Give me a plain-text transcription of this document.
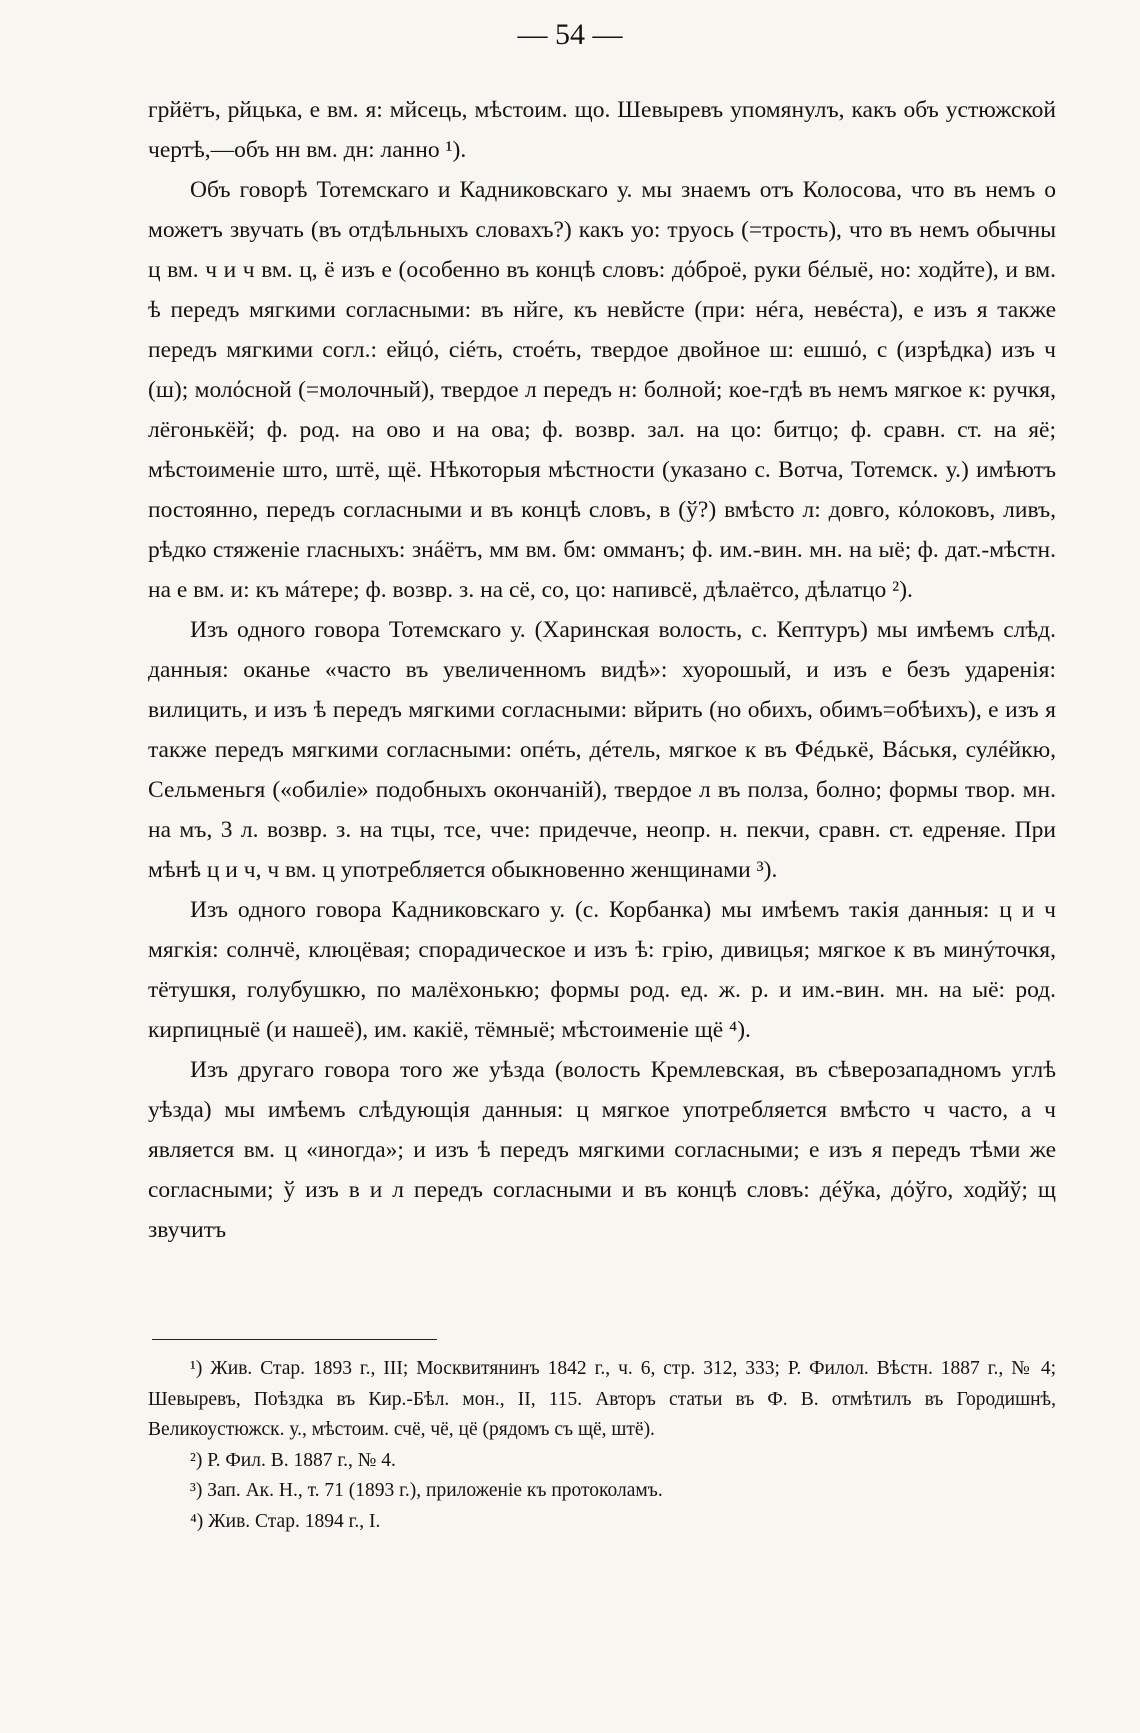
— 54 —

грйётъ, рйцька, е вм. я: мйсець, мѣстоим. що. Шевыревъ упомянулъ, какъ объ устюжской чертѣ,—объ нн вм. дн: ланно ¹).

Объ говорѣ Тотемскаго и Кадниковскаго у. мы знаемъ отъ Колосова, что въ немъ о можетъ звучать (въ отдѣльныхъ словахъ?) какъ уо: труось (=трость), что въ немъ обычны ц вм. ч и ч вм. ц, ё изъ е (особенно въ концѣ словъ: дόброё, руки бéлыё, но: ходйте), и вм. ѣ передъ мягкими согласными: въ нйге, къ невйсте (при: нéга, невéста), е изъ я также передъ мягкими согл.: ейцό, сіéть, стоéть, твердое двойное ш: ешшό, с (изрѣдка) изъ ч (ш); молόсной (=молочный), твердое л передъ н: болной; кое-гдѣ въ немъ мягкое к: ручкя, лёгонькёй; ф. род. на ово и на ова; ф. возвр. зал. на цо: битцо; ф. сравн. ст. на яё; мѣстоименіе што, штё, щё. Нѣкоторыя мѣстности (указано с. Вотча, Тотемск. у.) имѣютъ постоянно, передъ согласными и въ концѣ словъ, в (ў?) вмѣсто л: довго, кόлоковъ, ливъ, рѣдко стяженіе гласныхъ: знáётъ, мм вм. бм: омманъ; ф. им.-вин. мн. на ыё; ф. дат.-мѣстн. на е вм. и: къ мáтере; ф. возвр. з. на сё, со, цо: напивсё, дѣлаётсо, дѣлатцо ²).

Изъ одного говора Тотемскаго у. (Харинская волость, с. Кептуръ) мы имѣемъ слѣд. данныя: оканье «часто въ увеличенномъ видѣ»: хуорошый, и изъ е безъ ударенія: вилицить, и изъ ѣ передъ мягкими согласными: вйрить (но обихъ, обимъ=обѣихъ), е изъ я также передъ мягкими согласными: опéть, дéтель, мягкое к въ Фéдькё, Вáськя, сулéйкю, Сельменьгя («обиліе» подобныхъ окончаній), твердое л въ полза, болно; формы твор. мн. на мъ, 3 л. возвр. з. на тцы, тсе, чче: придечче, неопр. н. пекчи, сравн. ст. едреняе. При мѣнѣ ц и ч, ч вм. ц употребляется обыкновенно женщинами ³).

Изъ одного говора Кадниковскаго у. (с. Корбанка) мы имѣемъ такія данныя: ц и ч мягкія: солнчё, клюцёвая; спорадическое и изъ ѣ: грію, дивицья; мягкое к въ минýточкя, тётушкя, голубушкю, по малёхонькю; формы род. ед. ж. р. и им.-вин. мн. на ыё: род. кирпицныё (и нашеё), им. какіё, тёмныё; мѣстоименіе щё ⁴).

Изъ другаго говора того же уѣзда (волость Кремлевская, въ сѣверозападномъ углѣ уѣзда) мы имѣемъ слѣдующія данныя: ц мягкое употребляется вмѣсто ч часто, а ч является вм. ц «иногда»; и изъ ѣ передъ мягкими согласными; е изъ я передъ тѣми же согласными; ў изъ в и л передъ согласными и въ концѣ словъ: дéўка, дόўго, ходйў; щ звучитъ

¹) Жив. Стар. 1893 г., III; Москвитянинъ 1842 г., ч. 6, стр. 312, 333; Р. Филол. Вѣстн. 1887 г., № 4; Шевыревъ, Поѣздка въ Кир.-Бѣл. мон., II, 115. Авторъ статьи въ Ф. В. отмѣтилъ въ Городишнѣ, Великоустюжск. у., мѣстоим. счё, чё, цё (рядомъ съ щё, штё).

²) Р. Фил. В. 1887 г., № 4.

³) Зап. Ак. Н., т. 71 (1893 г.), приложеніе къ протоколамъ.

⁴) Жив. Стар. 1894 г., I.
